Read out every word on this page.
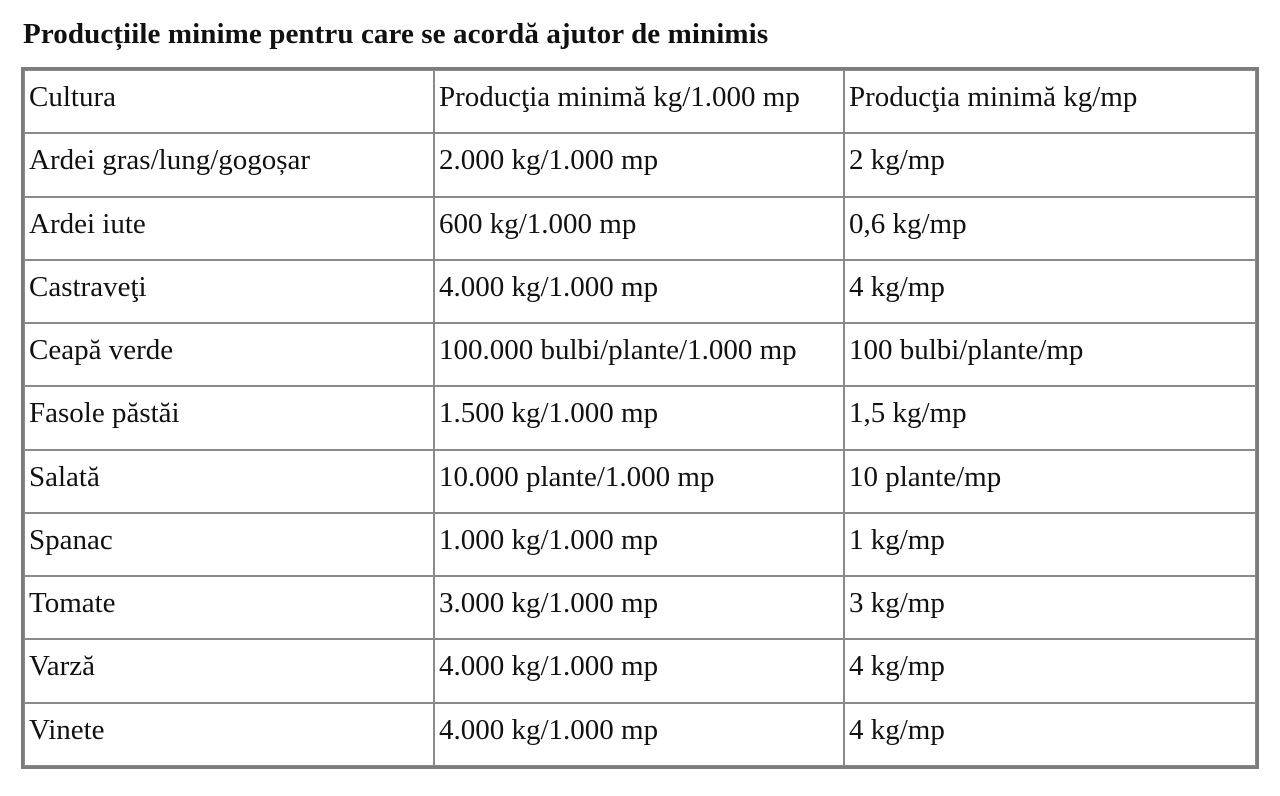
Producțiile minime pentru care se acordă ajutor de minimis
Cultura	Producţia minimă kg/1.000 mp	Producţia minimă kg/mp
Ardei gras/lung/gogoșar	2.000 kg/1.000 mp	2 kg/mp
Ardei iute	600 kg/1.000 mp	0,6 kg/mp
Castraveţi	4.000 kg/1.000 mp	4 kg/mp
Ceapă verde	100.000 bulbi/plante/1.000 mp	100 bulbi/plante/mp
Fasole păstăi	1.500 kg/1.000 mp	1,5 kg/mp
Salată	10.000 plante/1.000 mp	10 plante/mp
Spanac	1.000 kg/1.000 mp	1 kg/mp
Tomate	3.000 kg/1.000 mp	3 kg/mp
Varză	4.000 kg/1.000 mp	4 kg/mp
Vinete	4.000 kg/1.000 mp	4 kg/mp
